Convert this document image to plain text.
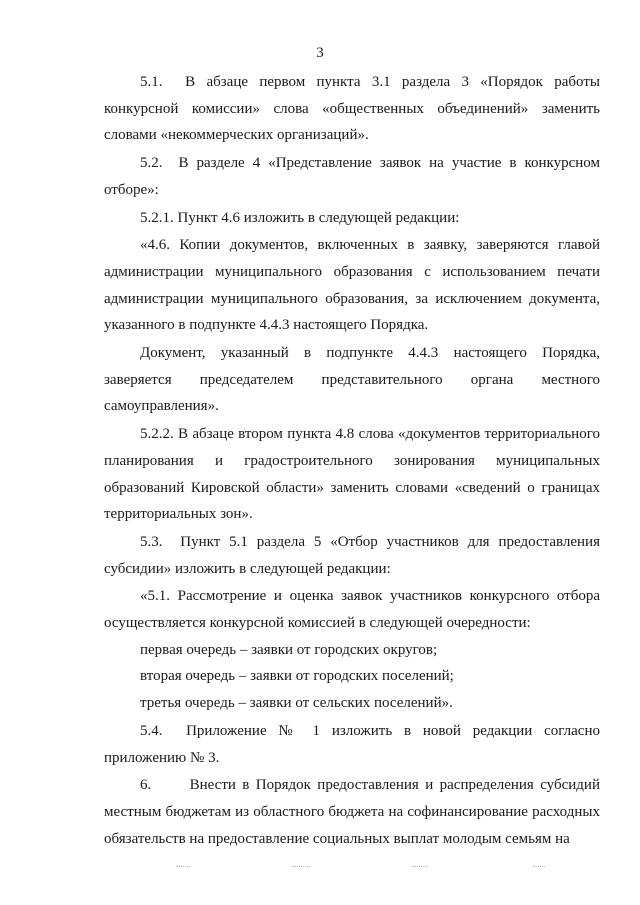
3

5.1.  В абзаце первом пункта 3.1 раздела 3 «Порядок работы конкурсной комиссии» слова «общественных объединений» заменить словами «некоммерческих организаций».

5.2.  В разделе 4 «Представление заявок на участие в конкурсном отборе»:

5.2.1. Пункт 4.6 изложить в следующей редакции:

«4.6. Копии документов, включенных в заявку, заверяются главой администрации муниципального образования с использованием печати администрации муниципального образования, за исключением документа, указанного в подпункте 4.4.3 настоящего Порядка.

Документ, указанный в подпункте 4.4.3 настоящего Порядка, заверяется председателем представительного органа местного самоуправления».

5.2.2. В абзаце втором пункта 4.8 слова «документов территориального планирования и градостроительного зонирования муниципальных образований Кировской области» заменить словами «сведений о границах территориальных зон».

5.3.  Пункт 5.1 раздела 5 «Отбор участников для предоставления субсидии» изложить в следующей редакции:

«5.1. Рассмотрение и оценка заявок участников конкурсного отбора осуществляется конкурсной комиссией в следующей очередности:

первая очередь – заявки от городских округов;

вторая очередь – заявки от городских поселений;

третья очередь – заявки от сельских поселений».

5.4.  Приложение № 1 изложить в новой редакции согласно приложению № 3.

6.      Внести в Порядок предоставления и распределения субсидий местным бюджетам из областного бюджета на софинансирование расходных обязательств на предоставление социальных выплат молодым семьям на
